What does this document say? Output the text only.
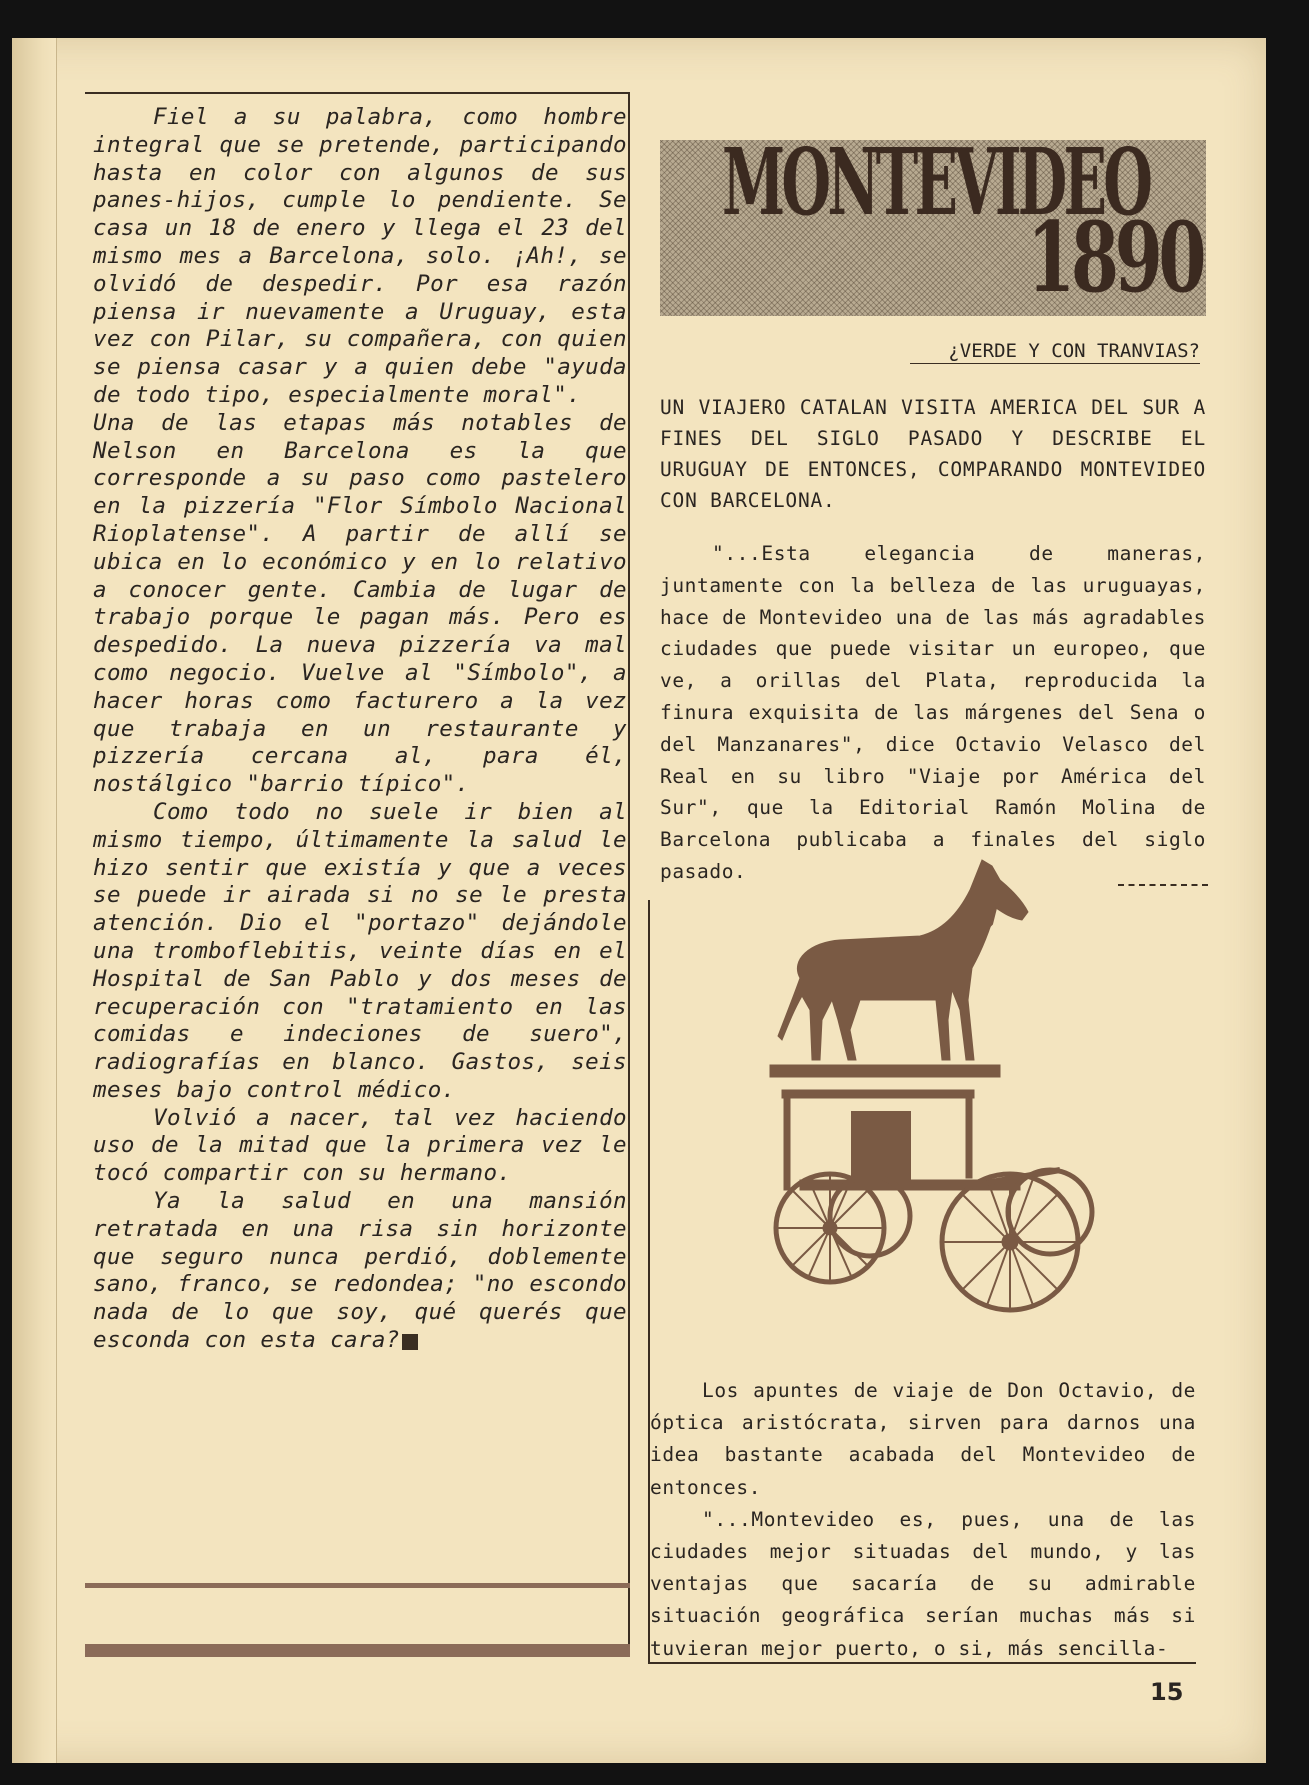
Fiel a su palabra, como hombre integral que se pretende, participando hasta en color con algunos de sus panes-hijos, cumple lo pendiente. Se casa un 18 de enero y llega el 23 del mismo mes a Barcelona, solo. ¡Ah!, se olvidó de despedir. Por esa razón piensa ir nuevamente a Uruguay, esta vez con Pilar, su compañera, con quien se piensa casar y a quien debe "ayuda de todo tipo, especialmente moral".

Una de las etapas más notables de Nelson en Barcelona es la que corresponde a su paso como pastelero en la pizzería "Flor Símbolo Nacional Rioplatense". A partir de allí se ubica en lo económico y en lo relativo a conocer gente. Cambia de lugar de trabajo porque le pagan más. Pero es despedido. La nueva pizzería va mal como negocio. Vuelve al "Símbolo", a hacer horas como facturero a la vez que trabaja en un restaurante y pizzería cercana al, para él, nostálgico "barrio típico".

Como todo no suele ir bien al mismo tiempo, últimamente la salud le hizo sentir que existía y que a veces se puede ir airada si no se le presta atención. Dio el "portazo" dejándole una tromboflebitis, veinte días en el Hospital de San Pablo y dos meses de recuperación con "tratamiento en las comidas e indeciones de suero", radiografías en blanco. Gastos, seis meses bajo control médico.

Volvió a nacer, tal vez haciendo uso de la mitad que la primera vez le tocó compartir con su hermano.

Ya la salud en una mansión retratada en una risa sin horizonte que seguro nunca perdió, doblemente sano, franco, se redondea; "no escondo nada de lo que soy, qué querés que esconda con esta cara?

MONTEVIDEO
1890
¿VERDE Y CON TRANVIAS?
UN VIAJERO CATALAN VISITA AMERICA DEL SUR A FINES DEL SIGLO PASADO Y DESCRIBE EL URUGUAY DE ENTONCES, COMPARANDO MONTEVIDEO CON BARCELONA.

"...Esta elegancia de maneras, juntamente con la belleza de las uruguayas, hace de Montevideo una de las más agradables ciudades que puede visitar un europeo, que ve, a orillas del Plata, reproducida la finura exquisita de las márgenes del Sena o del Manzanares", dice Octavio Velasco del Real en su libro "Viaje por América del Sur", que la Editorial Ramón Molina de Barcelona publicaba a finales del siglo pasado.

Los apuntes de viaje de Don Octavio, de óptica aristócrata, sirven para darnos una idea bastante acabada del Montevideo de entonces.

"...Montevideo es, pues, una de las ciudades mejor situadas del mundo, y las ventajas que sacaría de su admirable situación geográfica serían muchas más si tuvieran mejor puerto, o si, más sencilla-

15
